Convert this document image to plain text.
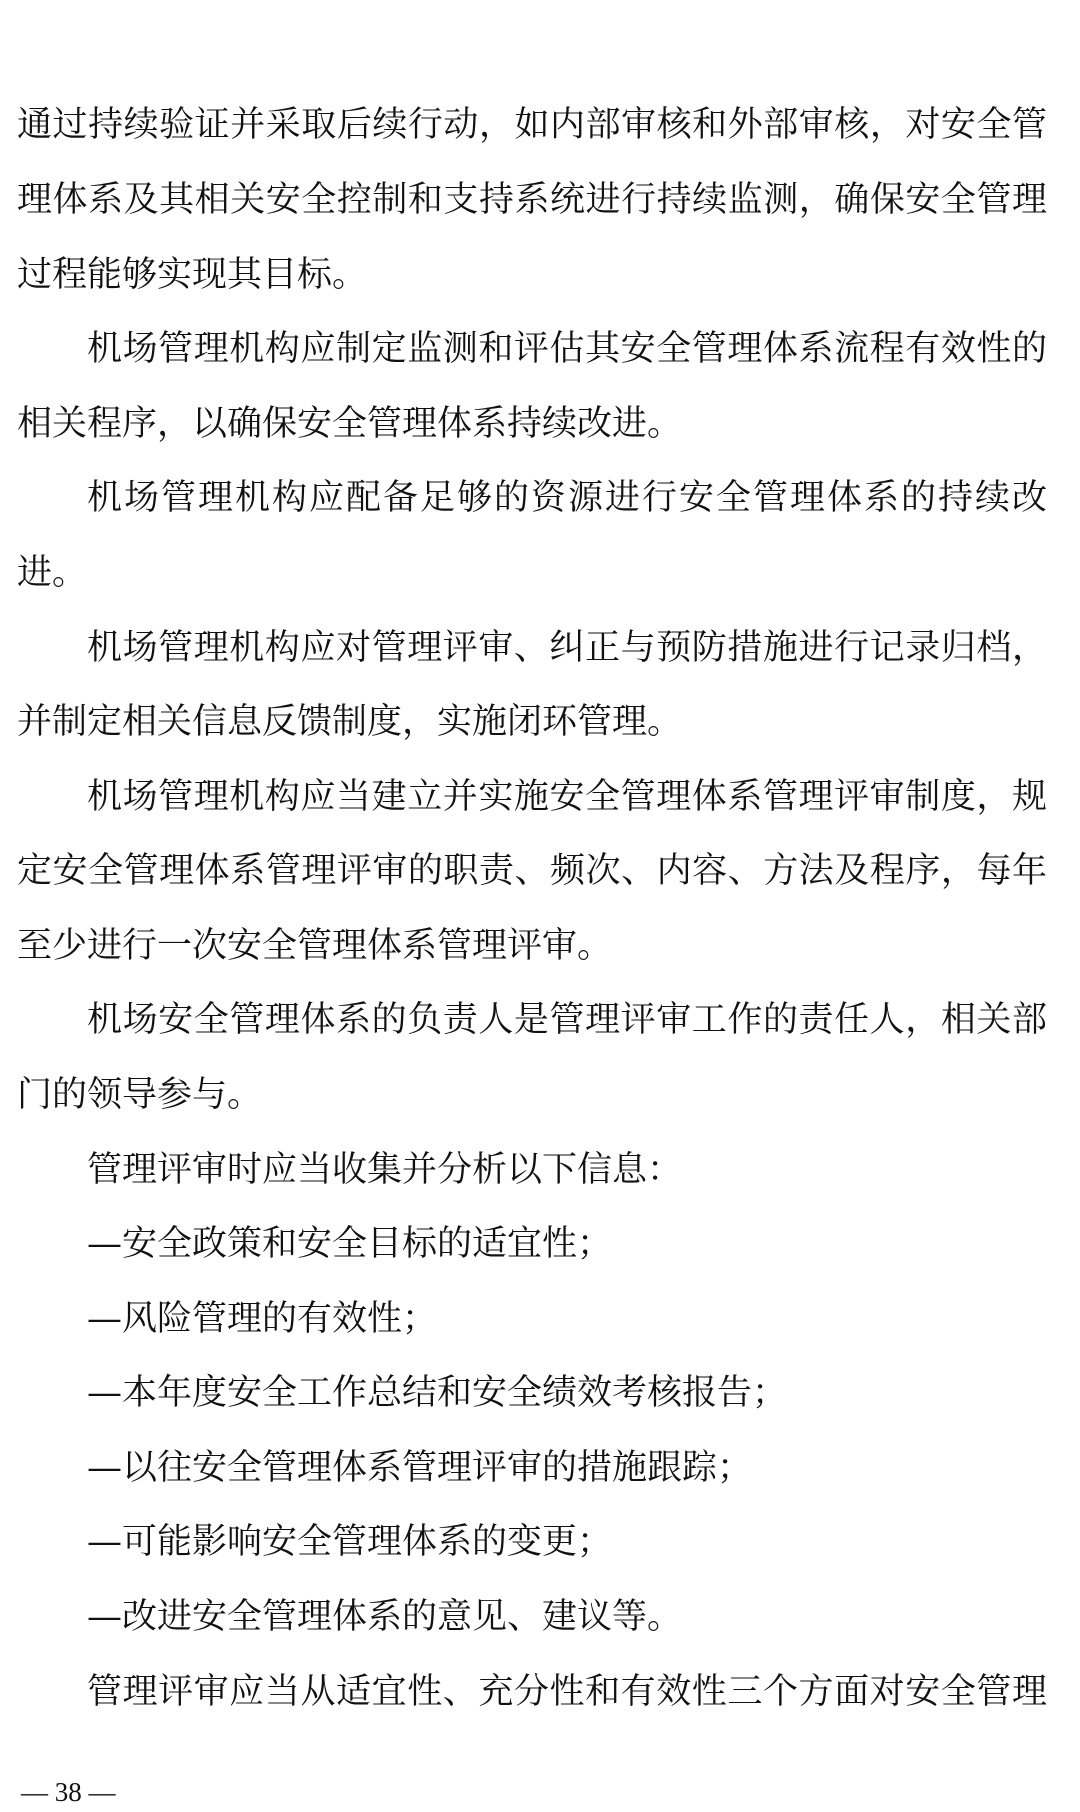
通过持续验证并采取后续行动，如内部审核和外部审核，对安全管
理体系及其相关安全控制和支持系统进行持续监测，确保安全管理
过程能够实现其目标。
机场管理机构应制定监测和评估其安全管理体系流程有效性的
相关程序，以确保安全管理体系持续改进。
机场管理机构应配备足够的资源进行安全管理体系的持续改
进。
机场管理机构应对管理评审、纠正与预防措施进行记录归档，
并制定相关信息反馈制度，实施闭环管理。
机场管理机构应当建立并实施安全管理体系管理评审制度，规
定安全管理体系管理评审的职责、频次、内容、方法及程序，每年
至少进行一次安全管理体系管理评审。
机场安全管理体系的负责人是管理评审工作的责任人，相关部
门的领导参与。
管理评审时应当收集并分析以下信息：
—安全政策和安全目标的适宜性；
—风险管理的有效性；
—本年度安全工作总结和安全绩效考核报告；
—以往安全管理体系管理评审的措施跟踪；
—可能影响安全管理体系的变更；
—改进安全管理体系的意见、建议等。
管理评审应当从适宜性、充分性和有效性三个方面对安全管理
— 38 —
